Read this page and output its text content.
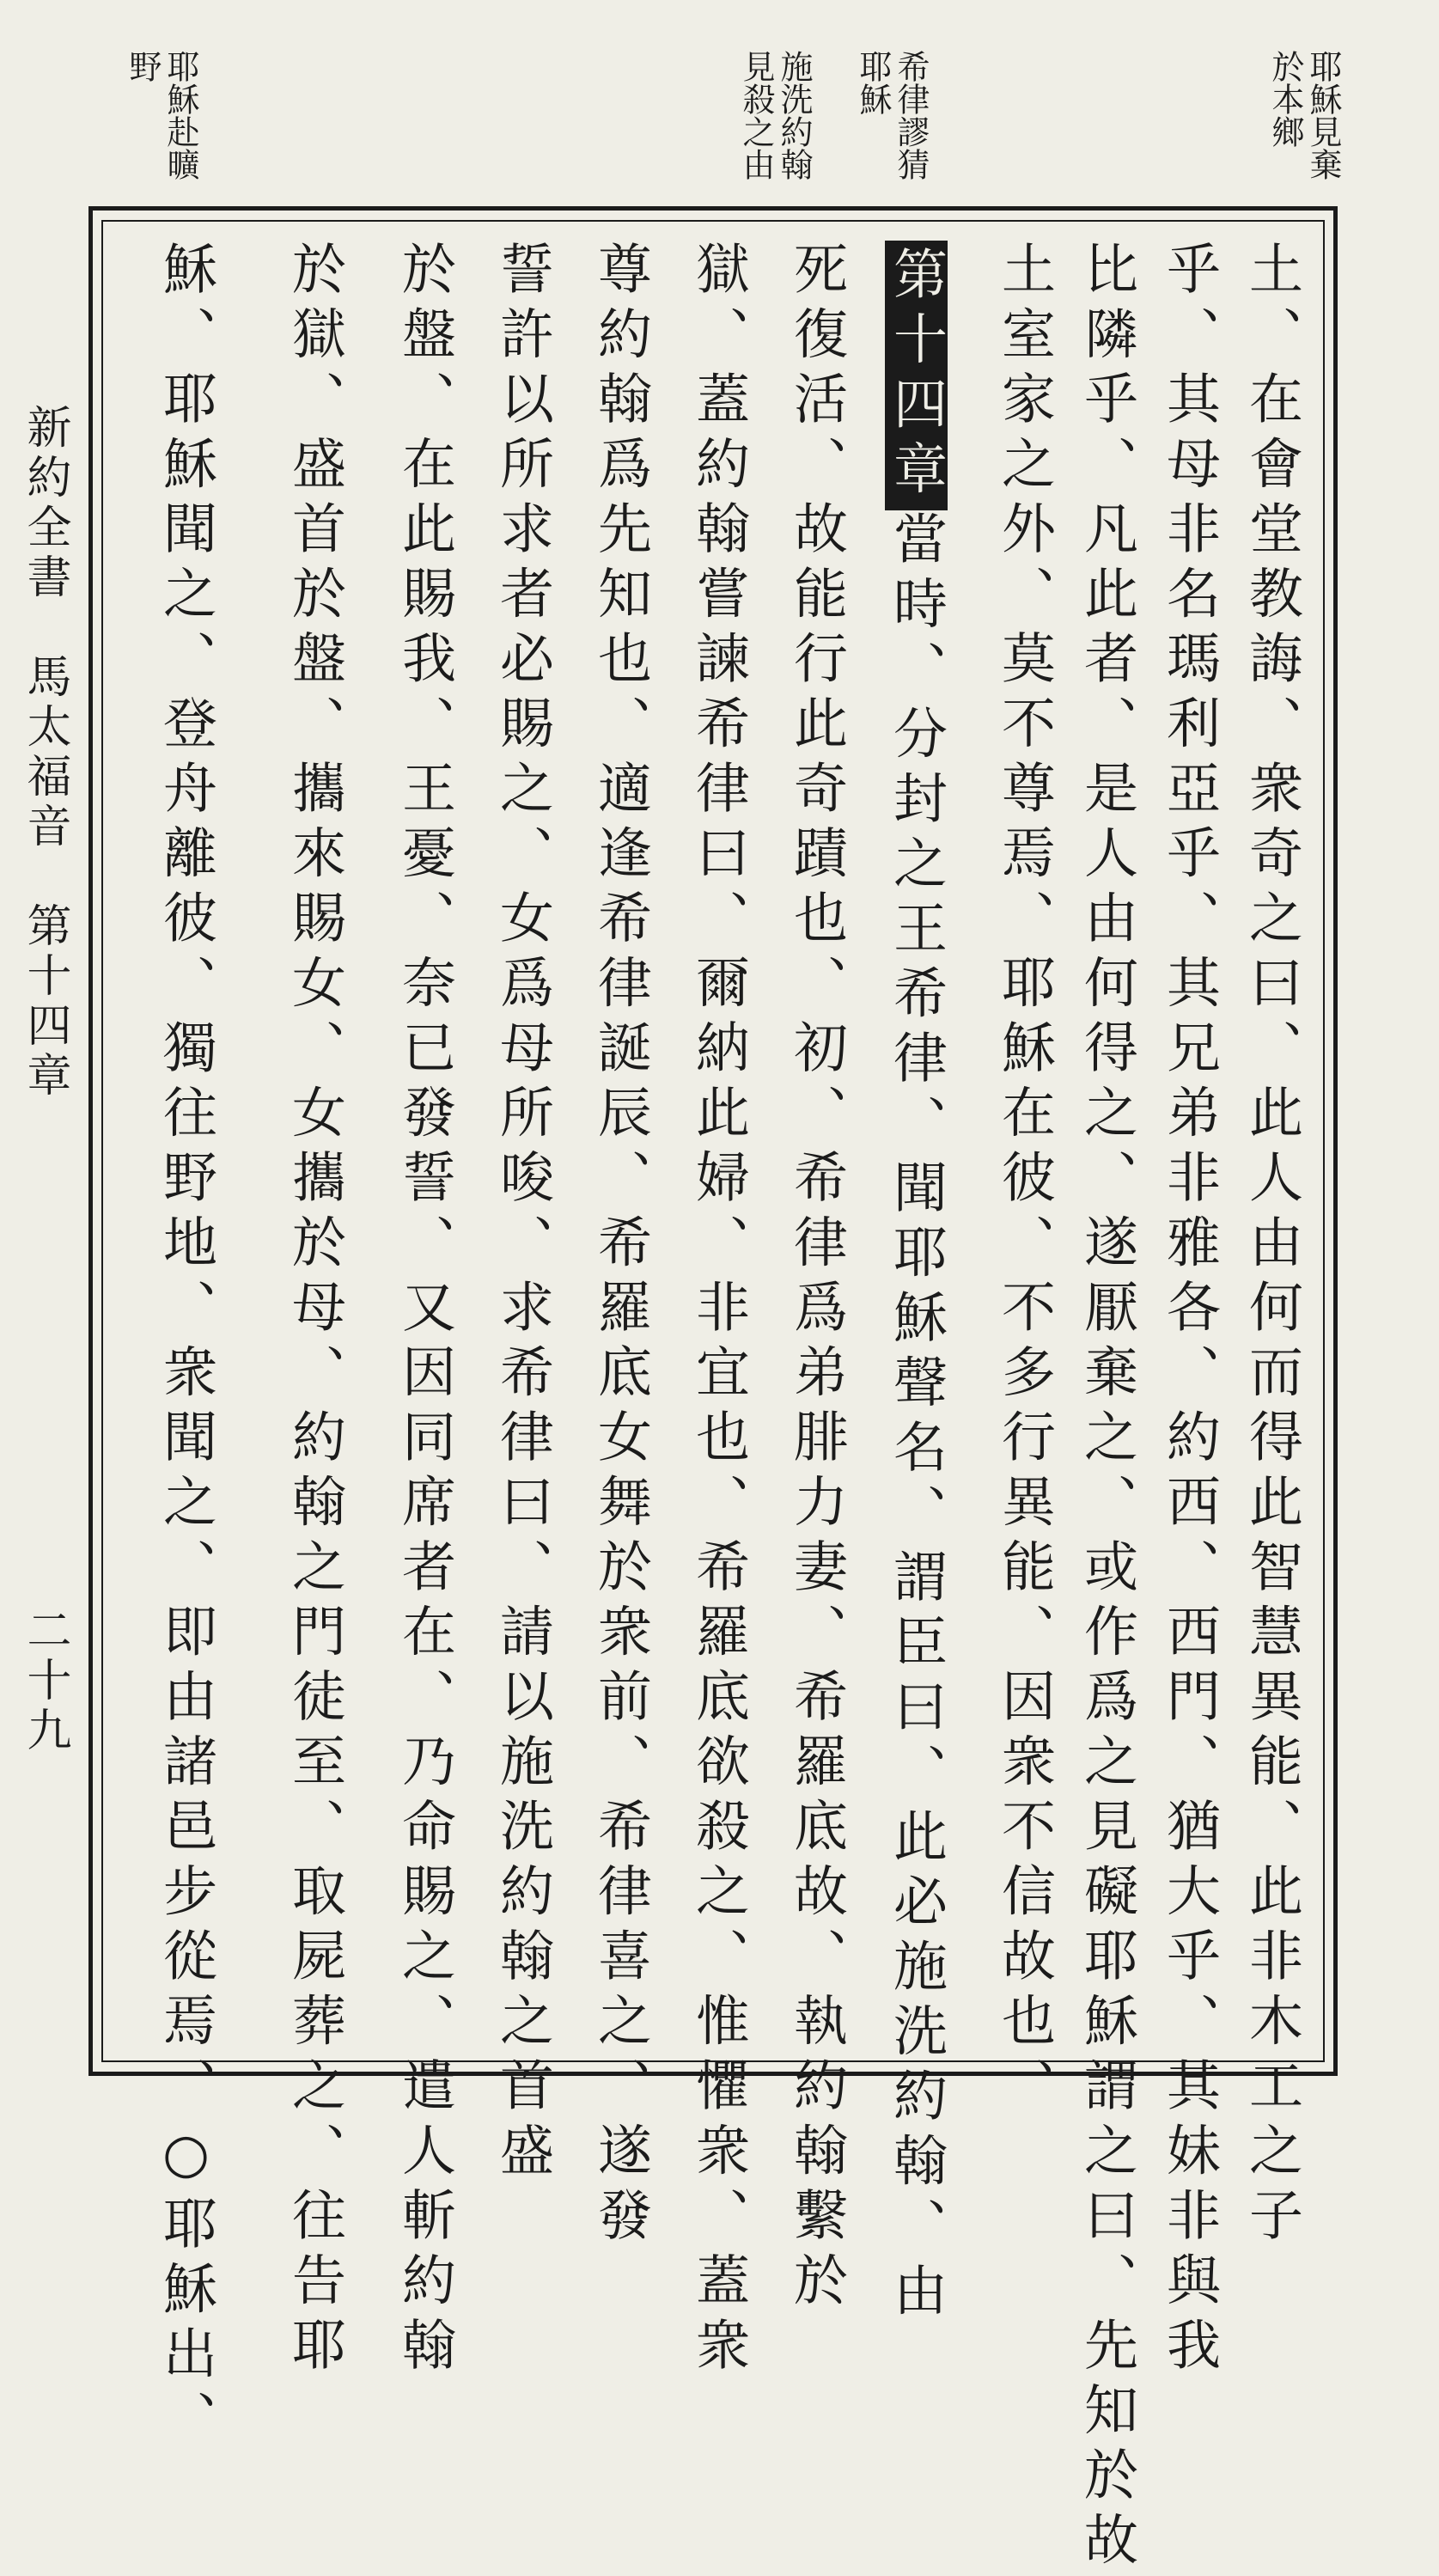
耶穌見棄
於本鄉
希律謬猜
耶穌
施洗約翰
見殺之由
耶穌赴曠
野
新約全書　馬太福音　第十四章
二十九	土、在會堂教誨、衆奇之曰、此人由何而得此智慧異能、此非木工之子
乎、其母非名瑪利亞乎、其兄弟非雅各、約西、西門、猶大乎、其妹非與我
比隣乎、凡此者、是人由何得之、遂厭棄之、或作爲之見礙耶穌謂之曰、先知於故
土室家之外、莫不尊焉、耶穌在彼、不多行異能、因衆不信故也、
第十四章當時、分封之王希律、聞耶穌聲名、謂臣曰、此必施洗約翰、由
死復活、故能行此奇蹟也、初、希律爲弟腓力妻、希羅底故、執約翰繫於
獄、蓋約翰嘗諫希律曰、爾納此婦、非宜也、希羅底欲殺之、惟懼衆、蓋衆
尊約翰爲先知也、適逢希律誕辰、希羅底女舞於衆前、希律喜之、遂發
誓許以所求者必賜之、女爲母所唆、求希律曰、請以施洗約翰之首盛
於盤、在此賜我、王憂、奈已發誓、又因同席者在、乃命賜之、遣人斬約翰
於獄、盛首於盤、攜來賜女、女攜於母、約翰之門徒至、取屍葬之、往告耶
穌、耶穌聞之、登舟離彼、獨往野地、衆聞之、即由諸邑步從焉、○耶穌出、
